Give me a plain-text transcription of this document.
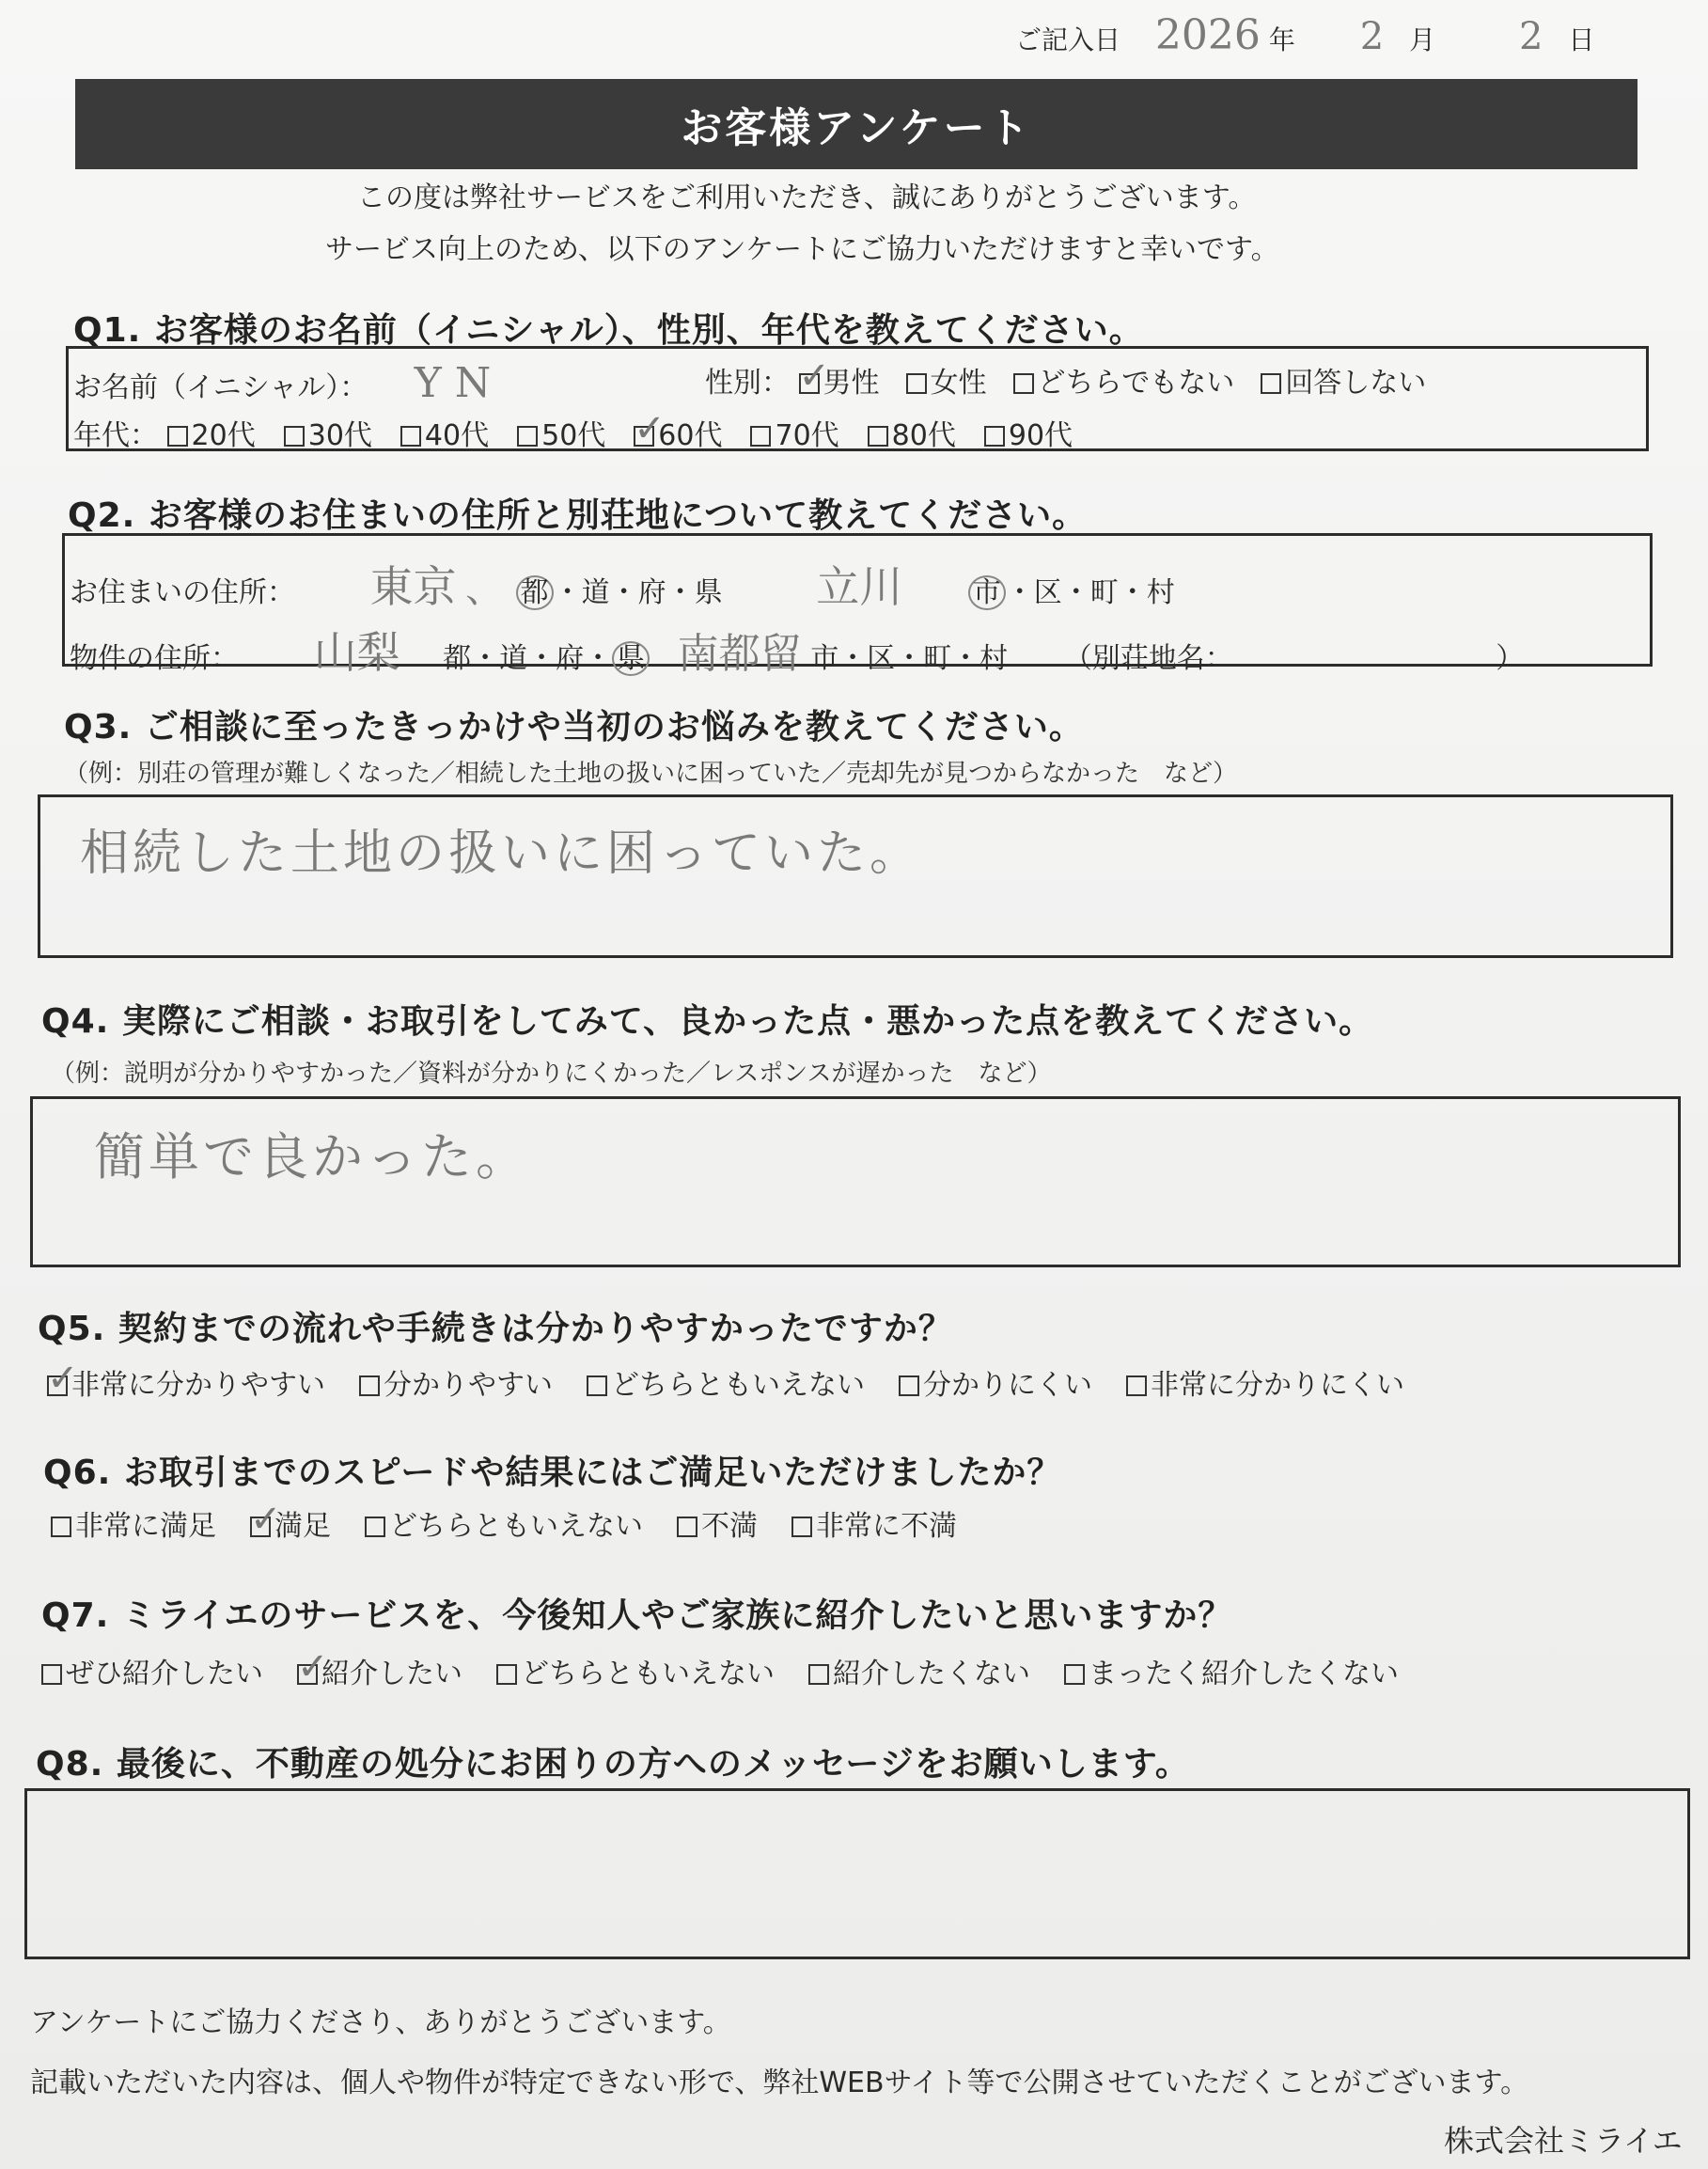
ご記入日 2026 年 2 月 2 日
お客様アンケート
この度は弊社サービスをご利用いただき、誠にありがとうございます。
サービス向上のため、以下のアンケートにご協力いただけますと幸いです。
Q1. お客様のお名前（イニシャル）、性別、年代を教えてください。
お名前（イニシャル）： Y N	性別： ✓ 男性 女性 どちらでもない 回答しない
年代： 20代 30代 40代 50代 ✓ 60代 70代 80代 90代
Q2. お客様のお住まいの住所と別荘地について教えてください。
お住まいの住所： 東京 、 都 ・道・府・県 立川 市 ・区・町・村
物件の住所： 山梨 都・道・府・ 県 南都留 市・区・町・村 （別荘地名：	）
Q3. ご相談に至ったきっかけや当初のお悩みを教えてください。
（例：別荘の管理が難しくなった／相続した土地の扱いに困っていた／売却先が見つからなかった　など）
相続した土地の扱いに困っていた。
Q4. 実際にご相談・お取引をしてみて、良かった点・悪かった点を教えてください。
（例：説明が分かりやすかった／資料が分かりにくかった／レスポンスが遅かった　など）
簡単で良かった。
Q5. 契約までの流れや手続きは分かりやすかったですか？
✓非常に分かりやすい 分かりやすい どちらともいえない 分かりにくい 非常に分かりにくい
Q6. お取引までのスピードや結果にはご満足いただけましたか？
非常に満足 ✓ 満足 どちらともいえない 不満 非常に不満
Q7. ミライエのサービスを、今後知人やご家族に紹介したいと思いますか？
ぜひ紹介したい ✓ 紹介したい どちらともいえない 紹介したくない まったく紹介したくない
Q8. 最後に、不動産の処分にお困りの方へのメッセージをお願いします。
アンケートにご協力くださり、ありがとうございます。
記載いただいた内容は、個人や物件が特定できない形で、弊社WEBサイト等で公開させていただくことがございます。
株式会社ミライエ
